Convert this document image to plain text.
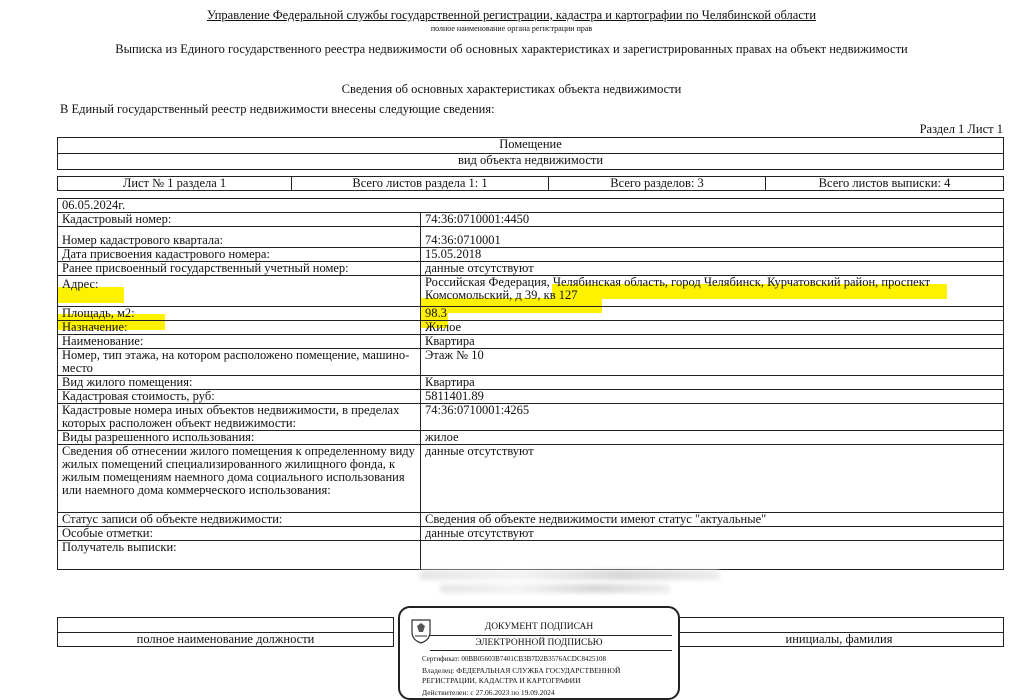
Управление Федеральной службы государственной регистрации, кадастра и картографии по Челябинской области
полное наименование органа регистрации прав
Выписка из Единого государственного реестра недвижимости об основных характеристиках и зарегистрированных правах на объект недвижимости
Сведения об основных характеристиках объекта недвижимости
В Единый государственный реестр недвижимости внесены следующие сведения:
Раздел 1 Лист 1
Помещение
вид объекта недвижимости
Лист № 1 раздела 1	Всего листов раздела 1: 1	Всего разделов: 3	Всего листов выписки: 4
06.05.2024г.	
Кадастровый номер:	74:36:0710001:4450
Номер кадастрового квартала:	74:36:0710001
Дата присвоения кадастрового номера:	15.05.2018
Ранее присвоенный государственный учетный номер:	данные отсутствуют
Адрес:	Российская Федерация, Челябинская область, город Челябинск, Курчатовский район, проспект Комсомольский, д 39, кв 127
Площадь, м2:	98.3
Назначение:	Жилое
Наименование:	Квартира
Номер, тип этажа, на котором расположено помещение, машино-место	Этаж № 10
Вид жилого помещения:	Квартира
Кадастровая стоимость, руб:	5811401.89
Кадастровые номера иных объектов недвижимости, в пределах которых расположен объект недвижимости:	74:36:0710001:4265
Виды разрешенного использования:	жилое
Сведения об отнесении жилого помещения к определенному виду жилых помещений специализированного жилищного фонда, к жилым помещениям наемного дома социального использования или наемного дома коммерческого использования:	данные отсутствуют
Статус записи об объекте недвижимости:	Сведения об объекте недвижимости имеют статус "актуальные"
Особые отметки:	данные отсутствуют
Получатель выписки:	

полное наименование должности		инициалы, фамилия
ДОКУМЕНТ ПОДПИСАН
ЭЛЕКТРОННОЙ ПОДПИСЬЮ
Сертификат: 00BB05603B7401CB3B7D2B3576ACDC8425108
Владелец: ФЕДЕРАЛЬНАЯ СЛУЖБА ГОСУДАРСТВЕННОЙ
РЕГИСТРАЦИИ, КАДАСТРА И КАРТОГРАФИИ
Действителен: с 27.06.2023 по 19.09.2024
